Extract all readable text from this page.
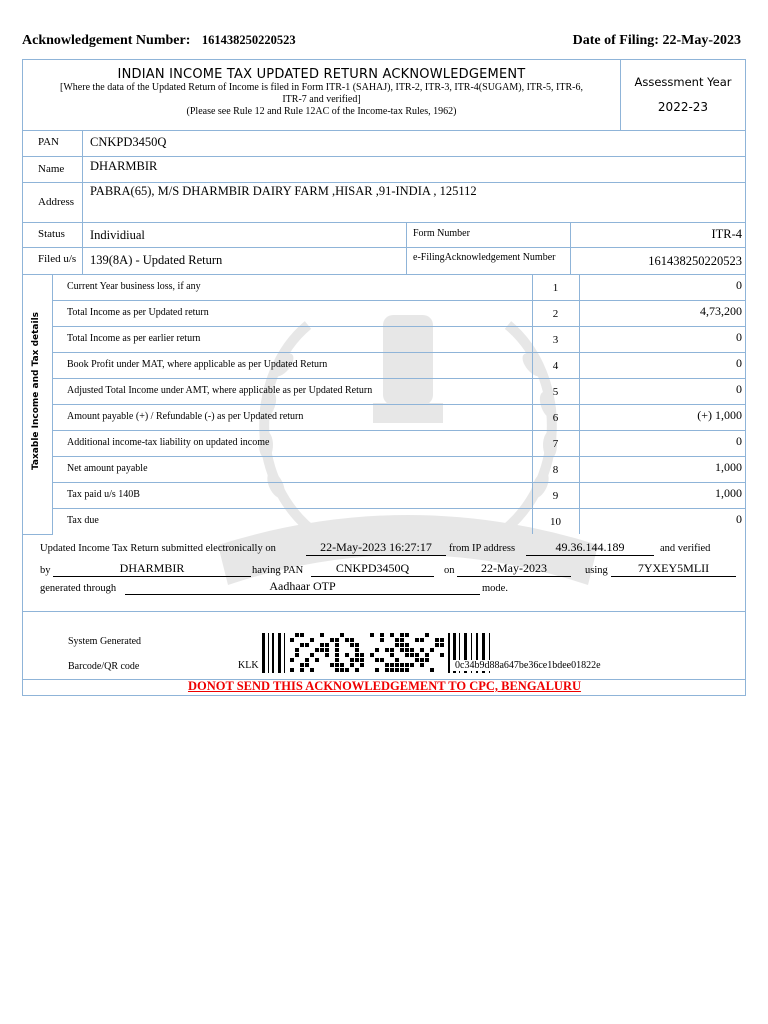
Acknowledgement Number: 161438250220523	Date of Filing: 22-May-2023
INDIAN INCOME TAX UPDATED RETURN ACKNOWLEDGEMENT
[Where the data of the Updated Return of Income is filed in Form ITR-1 (SAHAJ), ITR-2, ITR-3, ITR-4(SUGAM), ITR-5, ITR-6, ITR-7 and verified]
(Please see Rule 12 and Rule 12AC of the Income-tax Rules, 1962)
Assessment Year
2022-23
PAN CNKPD3450Q
Name DHARMBIR
Address
PABRA(65), M/S DHARMBIR DAIRY FARM ,HISAR ,91-INDIA , 125112
Status Individiual	Form Number	ITR-4
Filed u/s 139(8A) - Updated Return	e-FilingAcknowledgement Number	161438250220523
Taxable Income and Tax details
Current Year business loss, if any	1	0
Total Income as per Updated return	2	4,73,200
Total Income as per earlier return	3	0
Book Profit under MAT, where applicable as per Updated Return	4	0
Adjusted Total Income under AMT, where applicable as per Updated Return	5	0
Amount payable (+) / Refundable (-) as per Updated return	6	(+) 1,000
Additional income-tax liability on updated income	7	0
Net amount payable	8	1,000
Tax paid u/s 140B	9	1,000
Tax due	10	0
Updated Income Tax Return submitted electronically on	22-May-2023 16:27:17	from IP address	49.36.144.189	and verified
by	DHARMBIR	having PAN	CNKPD3450Q	on	22-May-2023	using	7YXEY5MLII
generated through	Aadhaar OTP	mode.
System Generated
Barcode/QR code	KLK	0c34b9d88a647be36ce1bdee01822e
DONOT SEND THIS ACKNOWLEDGEMENT TO CPC, BENGALURU
